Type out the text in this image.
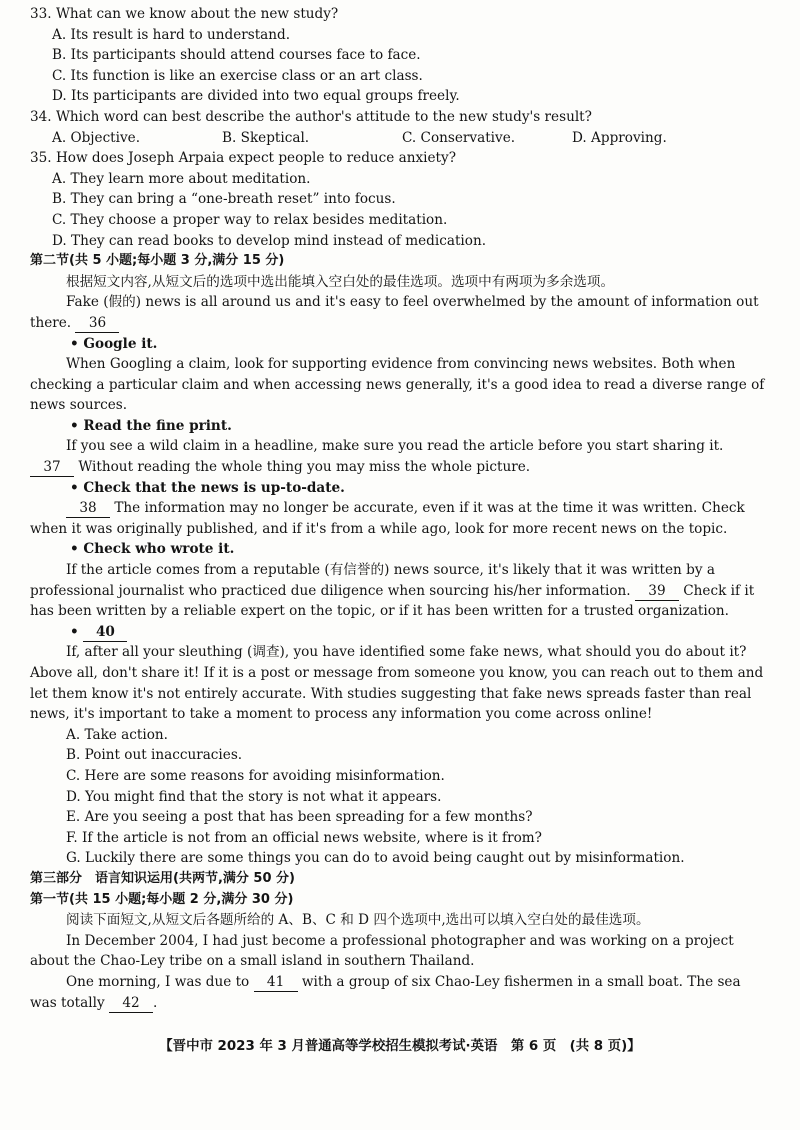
33. What can we know about the new study?

A. Its result is hard to understand.

B. Its participants should attend courses face to face.

C. Its function is like an exercise class or an art class.

D. Its participants are divided into two equal groups freely.

34. Which word can best describe the author's attitude to the new study's result?

A. Objective.	B. Skeptical.	C. Conservative.	D. Approving.

35. How does Joseph Arpaia expect people to reduce anxiety?

A. They learn more about meditation.

B. They can bring a “one-breath reset” into focus.

C. They choose a proper way to relax besides meditation.

D. They can read books to develop mind instead of medication.

第二节(共 5 小题;每小题 3 分,满分 15 分)

根据短文内容,从短文后的选项中选出能填入空白处的最佳选项。选项中有两项为多余选项。

Fake (假的) news is all around us and it's easy to feel overwhelmed by the amount of information out there. 36

• Google it.

When Googling a claim, look for supporting evidence from convincing news websites. Both when checking a particular claim and when accessing news generally, it's a good idea to read a diverse range of news sources.

• Read the fine print.

If you see a wild claim in a headline, make sure you read the article before you start sharing it. 37 Without reading the whole thing you may miss the whole picture.

• Check that the news is up-to-date.

38 The information may no longer be accurate, even if it was at the time it was written. Check when it was originally published, and if it's from a while ago, look for more recent news on the topic.

• Check who wrote it.

If the article comes from a reputable (有信誉的) news source, it's likely that it was written by a professional journalist who practiced due diligence when sourcing his/her information. 39 Check if it has been written by a reliable expert on the topic, or if it has been written for a trusted organization.

• 40

If, after all your sleuthing (调查), you have identified some fake news, what should you do about it? Above all, don't share it! If it is a post or message from someone you know, you can reach out to them and let them know it's not entirely accurate. With studies suggesting that fake news spreads faster than real news, it's important to take a moment to process any information you come across online!

A. Take action.

B. Point out inaccuracies.

C. Here are some reasons for avoiding misinformation.

D. You might find that the story is not what it appears.

E. Are you seeing a post that has been spreading for a few months?

F. If the article is not from an official news website, where is it from?

G. Luckily there are some things you can do to avoid being caught out by misinformation.

第三部分　语言知识运用(共两节,满分 50 分)

第一节(共 15 小题;每小题 2 分,满分 30 分)

阅读下面短文,从短文后各题所给的 A、B、C 和 D 四个选项中,选出可以填入空白处的最佳选项。

In December 2004, I had just become a professional photographer and was working on a project about the Chao-Ley tribe on a small island in southern Thailand.

One morning, I was due to 41 with a group of six Chao-Ley fishermen in a small boat. The sea was totally 42 .

【晋中市 2023 年 3 月普通高等学校招生模拟考试·英语　第 6 页　(共 8 页)】
